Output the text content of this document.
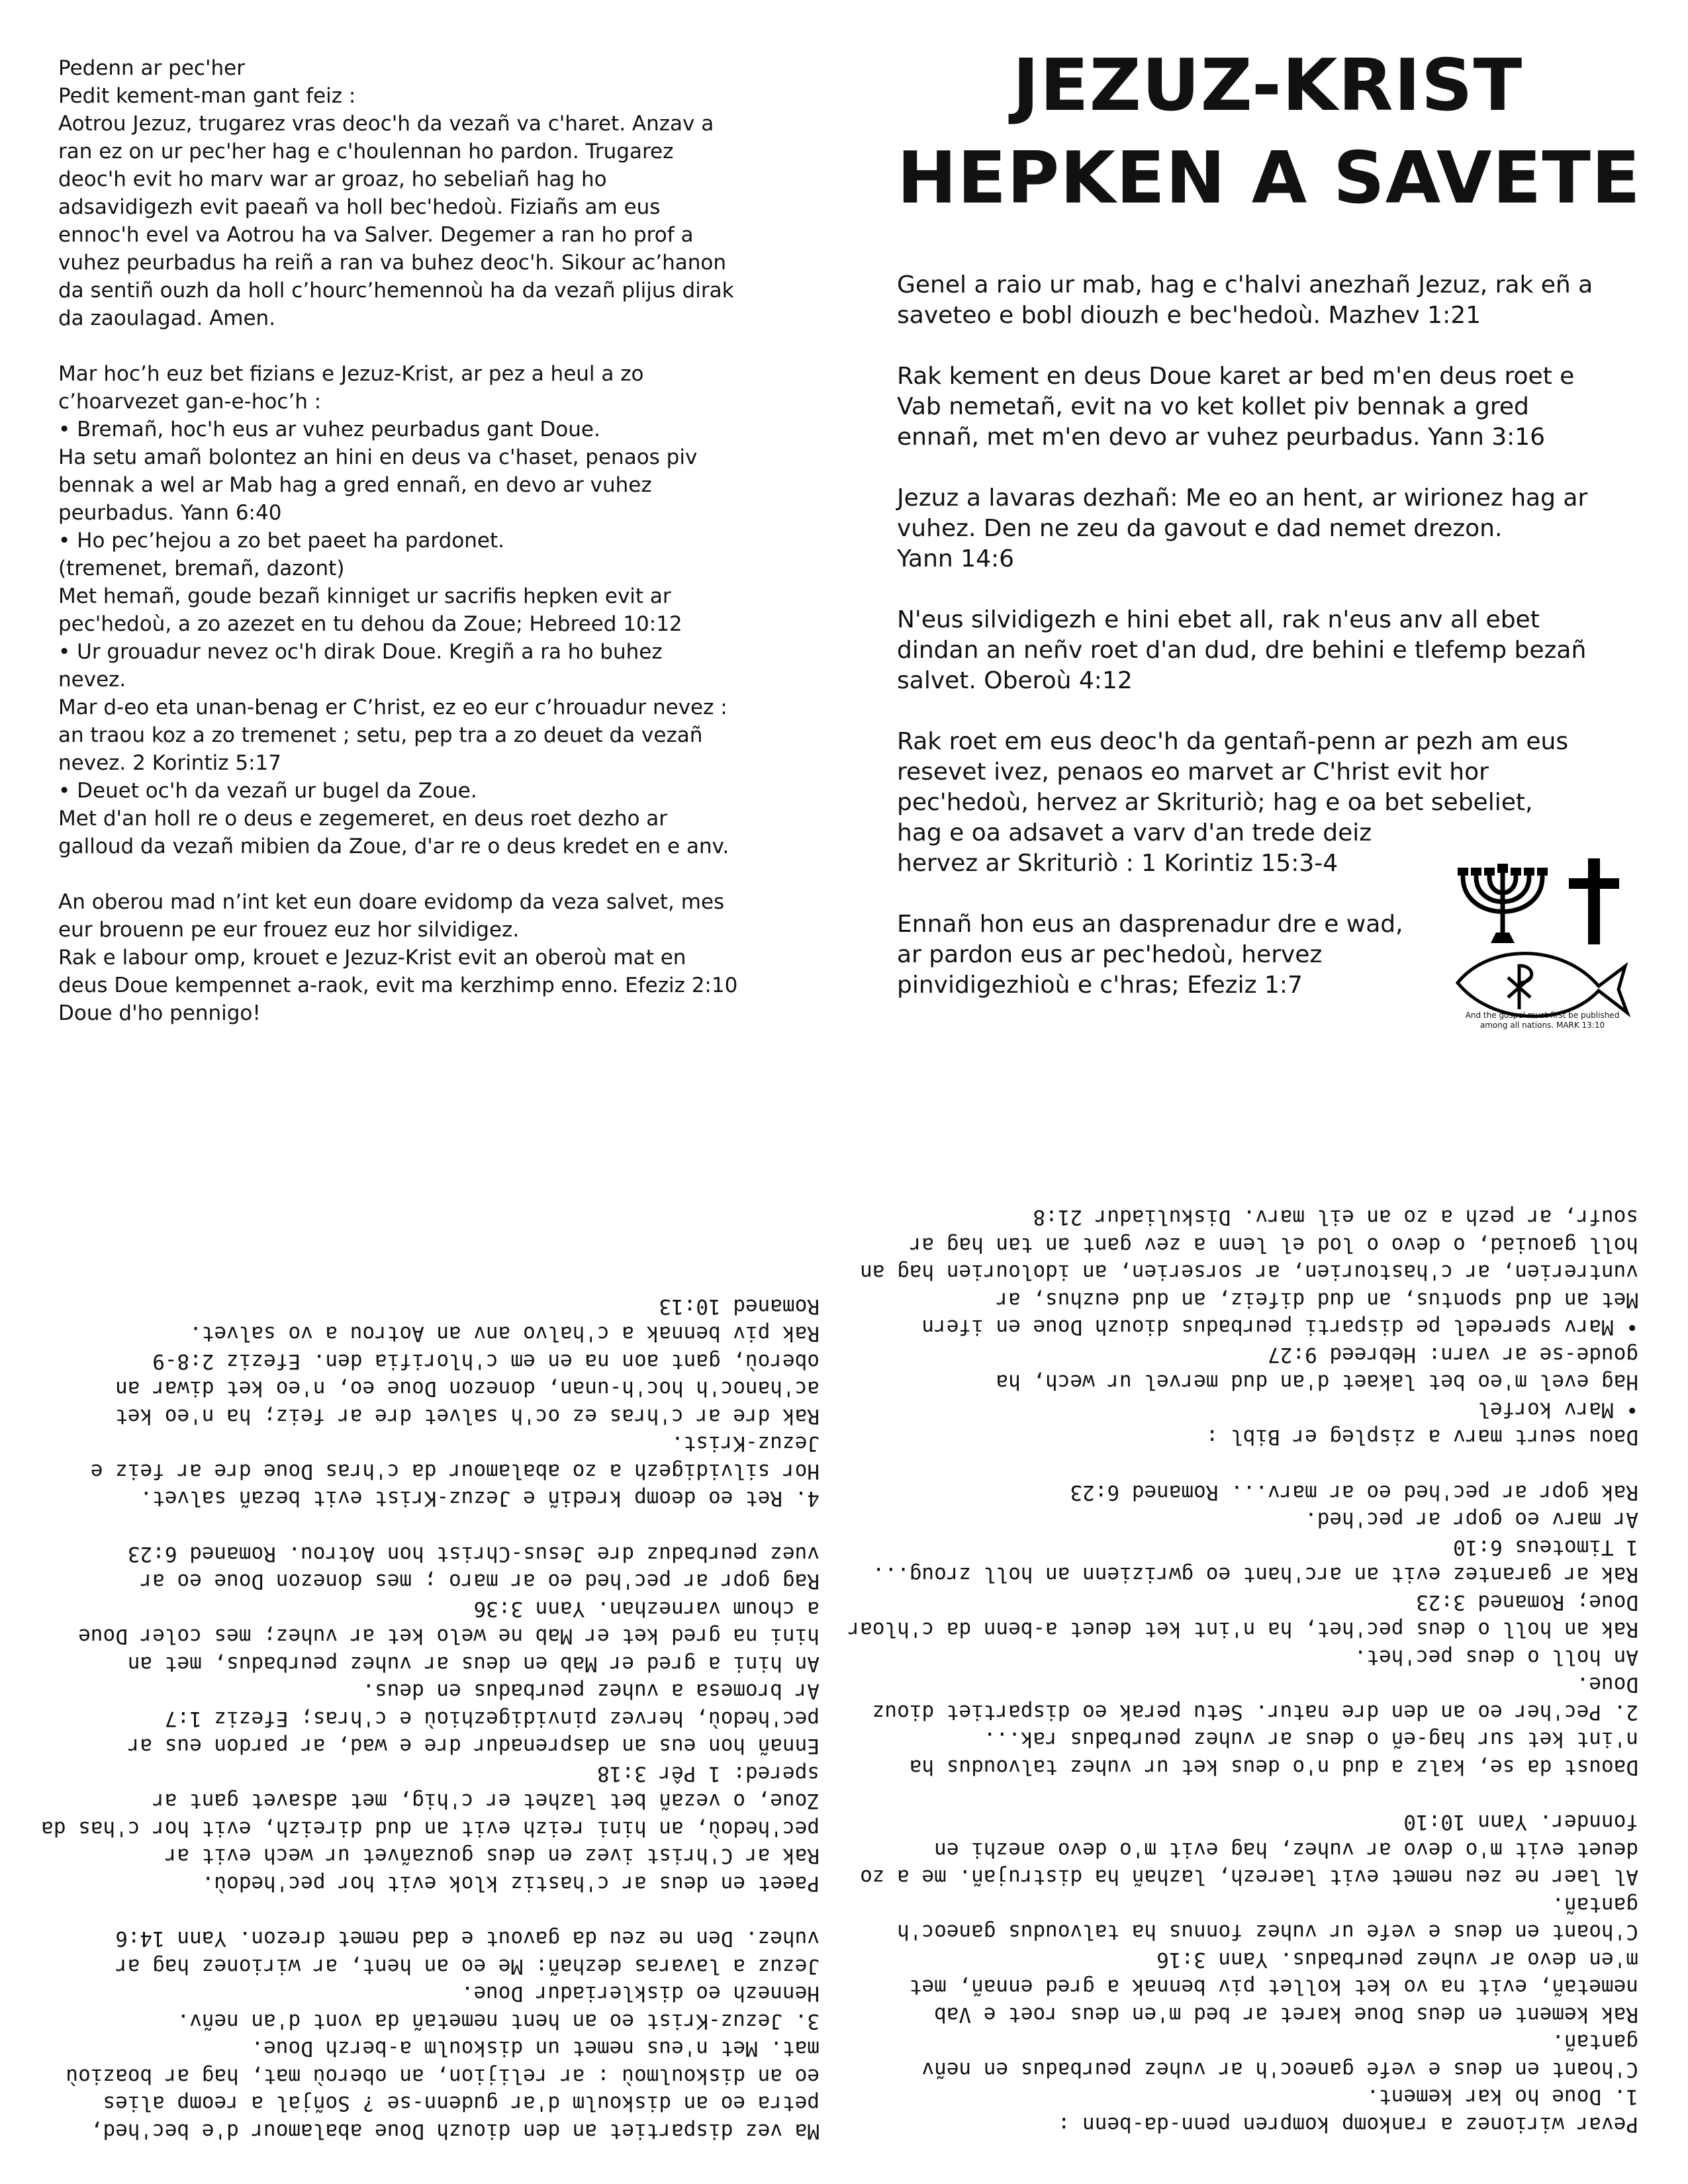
Pedenn ar pec'her
Pedit kement-man gant feiz :
Aotrou Jezuz, trugarez vras deoc'h da vezañ va c'haret. Anzav a
ran ez on ur pec'her hag e c'houlennan ho pardon. Trugarez
deoc'h evit ho marv war ar groaz, ho sebeliañ hag ho
adsavidigezh evit paeañ va holl bec'hedoù. Fiziañs am eus
ennoc'h evel va Aotrou ha va Salver. Degemer a ran ho prof a
vuhez peurbadus ha reiñ a ran va buhez deoc'h. Sikour ac’hanon
da sentiñ ouzh da holl c’hourc’hemennoù ha da vezañ plijus dirak
da zaoulagad. Amen.
Mar hoc’h euz bet fizians e Jezuz-Krist, ar pez a heul a zo
c’hoarvezet gan-e-hoc’h :
• Bremañ, hoc'h eus ar vuhez peurbadus gant Doue.
Ha setu amañ bolontez an hini en deus va c'haset, penaos piv
bennak a wel ar Mab hag a gred ennañ, en devo ar vuhez
peurbadus. Yann 6:40
• Ho pec’hejou a zo bet paeet ha pardonet.
(tremenet, bremañ, dazont)
Met hemañ, goude bezañ kinniget ur sacrifis hepken evit ar
pec'hedoù, a zo azezet en tu dehou da Zoue; Hebreed 10:12
• Ur grouadur nevez oc'h dirak Doue. Kregiñ a ra ho buhez
nevez.
Mar d-eo eta unan-benag er C’hrist, ez eo eur c’hrouadur nevez :
an traou koz a zo tremenet ; setu, pep tra a zo deuet da vezañ
nevez. 2 Korintiz 5:17
• Deuet oc'h da vezañ ur bugel da Zoue.
Met d'an holl re o deus e zegemeret, en deus roet dezho ar
galloud da vezañ mibien da Zoue, d'ar re o deus kredet en e anv.
An oberou mad n’int ket eun doare evidomp da veza salvet, mes
eur brouenn pe eur frouez euz hor silvidigez.
Rak e labour omp, krouet e Jezuz-Krist evit an oberoù mat en
deus Doue kempennet a-raok, evit ma kerzhimp enno. Efeziz 2:10
Doue d'ho pennigo!
JEZUZ-KRIST
HEPKEN A SAVETE
Genel a raio ur mab, hag e c'halvi anezhañ Jezuz, rak eñ a
saveteo e bobl diouzh e bec'hedoù. Mazhev 1:21
Rak kement en deus Doue karet ar bed m'en deus roet e
Vab nemetañ, evit na vo ket kollet piv bennak a gred
ennañ, met m'en devo ar vuhez peurbadus. Yann 3:16
Jezuz a lavaras dezhañ: Me eo an hent, ar wirionez hag ar
vuhez. Den ne zeu da gavout e dad nemet drezon.
Yann 14:6
N'eus silvidigezh e hini ebet all, rak n'eus anv all ebet
dindan an neñv roet d'an dud, dre behini e tlefemp bezañ
salvet. Oberoù 4:12
Rak roet em eus deoc'h da gentañ-penn ar pezh am eus
resevet ivez, penaos eo marvet ar C'hrist evit hor
pec'hedoù, hervez ar Skrituriò; hag e oa bet sebeliet,
hag e oa adsavet a varv d'an trede deiz
hervez ar Skrituriò : 1 Korintiz 15:3-4
Ennañ hon eus an dasprenadur dre e wad,
ar pardon eus ar pec'hedoù, hervez
pinvidigezhioù e c'hras; Efeziz 1:7
And the gospel must first be published
among all nations. MARK 13:10
Pevar wirionez a rankomp kompren penn-da-benn :
1. Doue ho kar kement.
C'hoant en deus e vefe ganeoc'h ar vuhez peurbadus en neñv
gantañ.
Rak kement en deus Doue karet ar bed m'en deus roet e Vab
nemetañ, evit na vo ket kollet piv bennak a gred ennañ, met
m'en devo ar vuhez peurbadus. Yann 3:16
C'hoant en deus e vefe ur vuhez fonnus ha talvoudus ganeoc'h
gantañ.
Al laer ne zeu nemet evit laerezh, lazhañ ha distrujañ. me a zo
deuet evit m'o devo ar vuhez, hag evit m'o devo anezhi en
fonnder. Yann 10:10
Daoust da se, kalz a dud n'o deus ket ur vuhez talvoudus ha
n'int ket sur hag-eñ o deus ar vuhez peurbadus rak...
2. Pec'her eo an den dre natur. Setu perak eo dispartiet diouz
Doue.
An holl o deus pec'het.
Rak an holl o deus pec'het, ha n'int ket deuet a-benn da c'hloar
Doue; Romaned 3:23
Rak ar garantez evit an arc'hant eo gwrizienn an holl zroug...
1 Timoteus 6:10
Ar marv eo gopr ar pec'hed.
Rak gopr ar pec'hed eo ar marv... Romaned 6:23
Daou seurt marv a zispleg er Bibl :
• Marv korfel
Hag evel m'eo bet lakaet d'an dud mervel ur wech, ha
goude-se ar varn: Hebreed 9:27
• Marv speredel pe disparti peurbadus diouzh Doue en ifern
Met an dud spontus, an dud difeiz, an dud euzhus, ar
vuntrerien, ar c'hastourien, ar sorserien, an idolourien hag an
holl gaouiad, o devo o lod el lenn a zev gant an tan hag ar
soufr, ar pezh a zo an eil marv. Diskuliadur 21:8
Ma vez dispartiet an den diouzh Doue abalamour d'e bec'hed,
petra eo an diskoulm d'ar gudenn-se ? Soñjal a reomp alies
eo an diskoulmoù : ar relijion, an oberoù mat, hag ar boazioù
mat. Met n'eus nemet un diskoulm a-berzh Doue.
3. Jezuz-Krist eo an hent nemetañ da vont d'an neñv.
Hennezh eo diskleriadur Doue.
Jezuz a lavaras dezhañ: Me eo an hent, ar wirionez hag ar
vuhez. Den ne zeu da gavout e dad nemet drezon. Yann 14:6
Paeet en deus ar c'hastiz klok evit hor pec'hedoù.
Rak ar C'hrist ivez en deus gouzañvet ur wech evit ar
pec'hedoù, an hini reizh evit an dud direizh, evit hor c'has da
Zoue, o vezañ bet lazhet er c'hig, met adsavet gant ar
spered: 1 Pêr 3:18
Ennañ hon eus an dasprenadur dre e wad, ar pardon eus ar
pec'hedoù, hervez pinvidigezhioù e c'hras; Efeziz 1:7
Ar bromesa a vuhez peurbadus en deus.
An hini a gred er Mab en deus ar vuhez peurbadus, met an
hini na gred ket er Mab ne welo ket ar vuhez; mes coler Doue
a choum varnezhan. Yann 3:36
Rag gopr ar pec'hed eo ar maro ; mes donezon Doue eo ar
vuez peurbaduz dre Jesus-Christ hon Aotrou. Romaned 6:23
4. Ret eo deomp krediñ e Jezuz-Krist evit bezañ salvet.
Hor silvidigezh a zo abalamour da c'hras Doue dre ar feiz e
Jezuz-Krist.
Rak dre ar c'hras ez oc'h salvet dre ar feiz; ha n'eo ket
ac'hanoc'h hoc'h-unan, donezon Doue eo, n'eo ket diwar an
oberoù, gant aon na en em c'hlorifia den. Efeziz 2:8-9
Rak piv bennak a c'halvo anv an Aotrou a vo salvet.
Romaned 10:13
